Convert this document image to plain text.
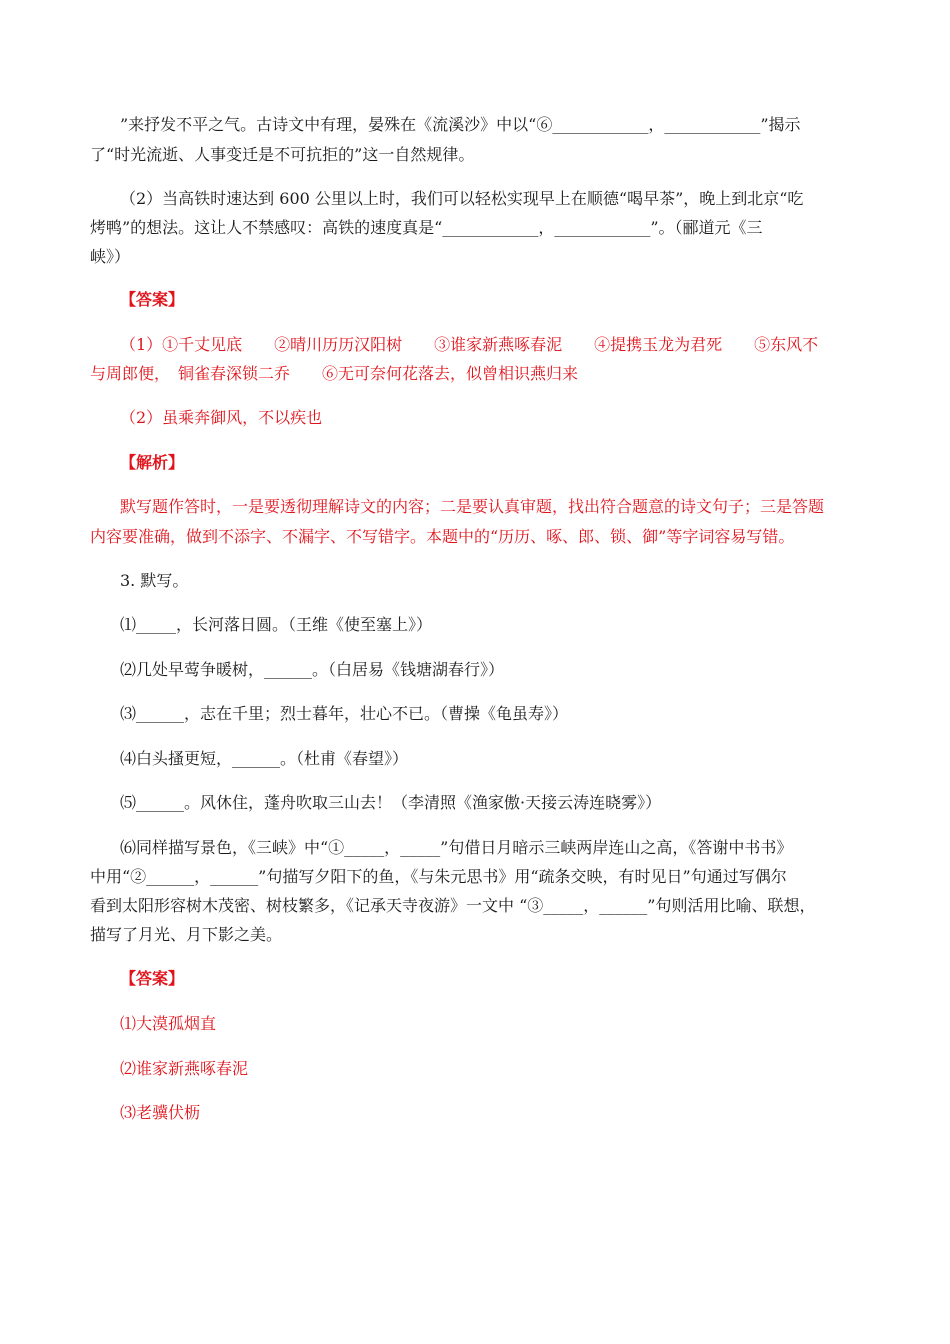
”来抒发不平之气。古诗文中有理，晏殊在《流溪沙》中以“⑥____________，____________”揭示
了“时光流逝、人事变迁是不可抗拒的”这一自然规律。
（2）当高铁时速达到 600 公里以上时，我们可以轻松实现早上在顺德“喝早茶”，晚上到北京“吃
烤鸭”的想法。这让人不禁感叹：高铁的速度真是“____________，____________”。（郦道元《三
峡》）
【答案】
（1）①千丈见底　　②晴川历历汉阳树　　③谁家新燕啄春泥　　④提携玉龙为君死　　⑤东风不
与周郎便，　铜雀春深锁二乔　　⑥无可奈何花落去，似曾相识燕归来
（2）虽乘奔御风，不以疾也
【解析】
默写题作答时，一是要透彻理解诗文的内容；二是要认真审题，找出符合题意的诗文句子；三是答题
内容要准确，做到不添字、不漏字、不写错字。本题中的“历历、啄、郎、锁、御”等字词容易写错。
3. 默写。
⑴_____，长河落日圆。（王维《使至塞上》）
⑵几处早莺争暖树，______。（白居易《钱塘湖春行》）
⑶______，志在千里；烈士暮年，壮心不已。（曹操《龟虽寿》）
⑷白头搔更短，______。（杜甫《春望》）
⑸______。风休住，蓬舟吹取三山去！（李清照《渔家傲·天接云涛连晓雾》）
⑹同样描写景色，《三峡》中“①_____，_____”句借日月暗示三峡两岸连山之高，《答谢中书书》
中用“②______，______”句描写夕阳下的鱼，《与朱元思书》用“疏条交映，有时见日”句通过写偶尔
看到太阳形容树木茂密、树枝繁多，《记承天寺夜游》一文中 “③_____，______”句则活用比喻、联想，
描写了月光、月下影之美。
【答案】
⑴大漠孤烟直
⑵谁家新燕啄春泥
⑶老骥伏枥
